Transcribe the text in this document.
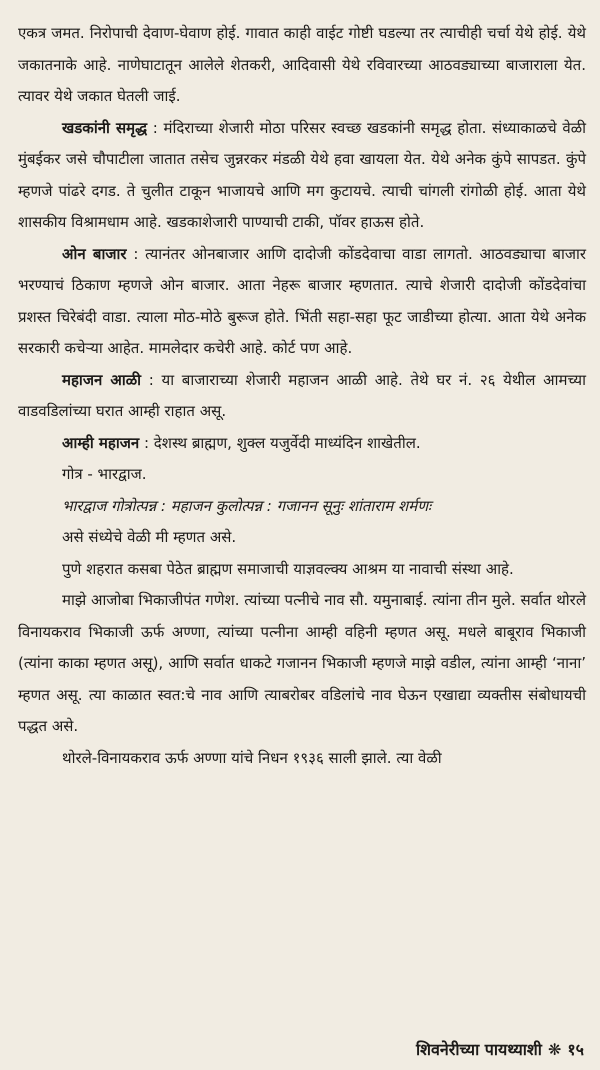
एकत्र जमत. निरोपाची देवाण-घेवाण होई. गावात काही वाईट गोष्टी घडल्या तर त्याचीही चर्चा येथे होई. येथे जकातनाके आहे. नाणेघाटातून आलेले शेतकरी, आदिवासी येथे रविवारच्या आठवड्याच्या बाजाराला येत. त्यावर येथे जकात घेतली जाई.

खडकांनी समृद्ध : मंदिराच्या शेजारी मोठा परिसर स्वच्छ खडकांनी समृद्ध होता. संध्याकाळचे वेळी मुंबईकर जसे चौपाटीला जातात तसेच जुन्नरकर मंडळी येथे हवा खायला येत. येथे अनेक कुंपे सापडत. कुंपे म्हणजे पांढरे दगड. ते चुलीत टाकून भाजायचे आणि मग कुटायचे. त्याची चांगली रांगोळी होई. आता येथे शासकीय विश्रामधाम आहे. खडकाशेजारी पाण्याची टाकी, पॉवर हाऊस होते.

ओन बाजार : त्यानंतर ओनबाजार आणि दादोजी कोंडदेवाचा वाडा लागतो. आठवड्याचा बाजार भरण्याचं ठिकाण म्हणजे ओन बाजार. आता नेहरू बाजार म्हणतात. त्याचे शेजारी दादोजी कोंडदेवांचा प्रशस्त चिरेबंदी वाडा. त्याला मोठ-मोठे बुरूज होते. भिंती सहा-सहा फूट जाडीच्या होत्या. आता येथे अनेक सरकारी कचेऱ्या आहेत. मामलेदार कचेरी आहे. कोर्ट पण आहे.

महाजन आळी : या बाजाराच्या शेजारी महाजन आळी आहे. तेथे घर नं. २६ येथील आमच्या वाडवडिलांच्या घरात आम्ही राहात असू.

आम्ही महाजन : देशस्थ ब्राह्मण, शुक्ल यजुर्वेदी माध्यंदिन शाखेतील.

गोत्र - भारद्वाज.

भारद्वाज गोत्रोत्पन्न : महाजन कुलोत्पन्न : गजानन सूनुः शांताराम शर्मणः

असे संध्येचे वेळी मी म्हणत असे.

पुणे शहरात कसबा पेठेत ब्राह्मण समाजाची याज्ञवल्क्य आश्रम या नावाची संस्था आहे.

माझे आजोबा भिकाजीपंत गणेश. त्यांच्या पत्नीचे नाव सौ. यमुनाबाई. त्यांना तीन मुले. सर्वात थोरले विनायकराव भिकाजी ऊर्फ अण्णा, त्यांच्या पत्नीना आम्ही वहिनी म्हणत असू. मधले बाबूराव भिकाजी (त्यांना काका म्हणत असू), आणि सर्वात धाकटे गजानन भिकाजी म्हणजे माझे वडील, त्यांना आम्ही ‘नाना’ म्हणत असू. त्या काळात स्वत:चे नाव आणि त्याबरोबर वडिलांचे नाव घेऊन एखाद्या व्यक्तीस संबोधायची पद्धत असे.

थोरले-विनायकराव ऊर्फ अण्णा यांचे निधन १९३६ साली झाले. त्या वेळी

शिवनेरीच्या पायथ्याशी ❋ १५
